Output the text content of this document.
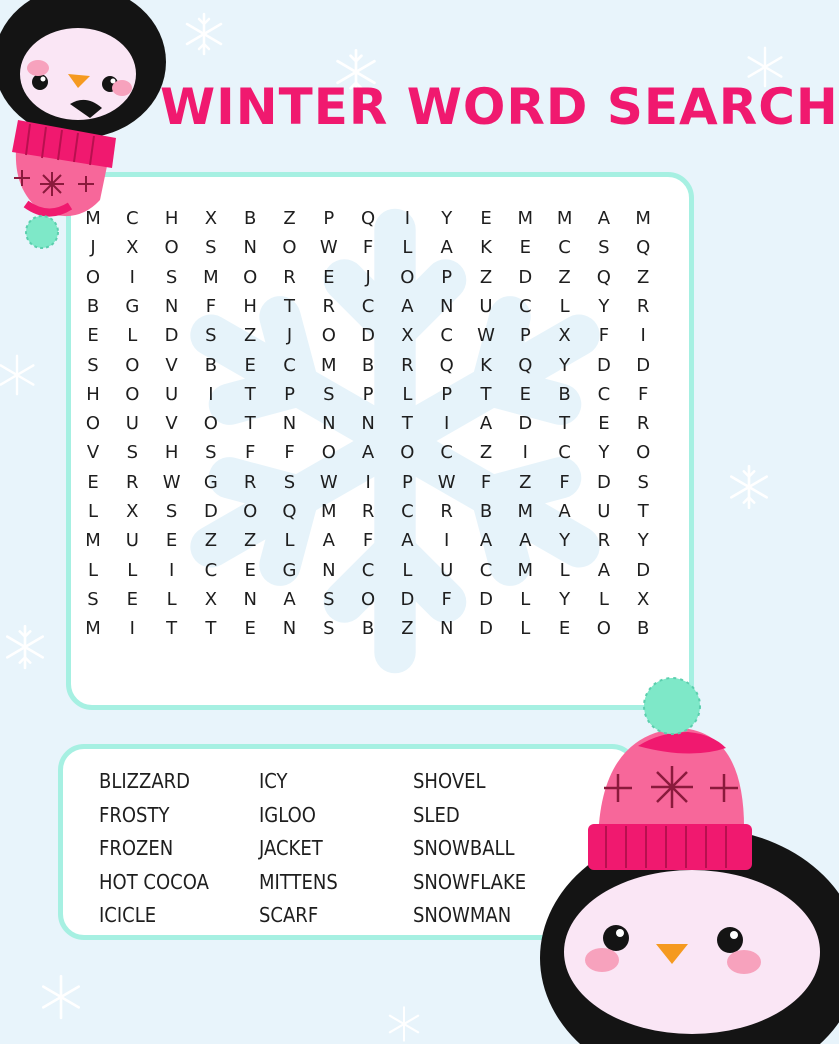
WINTER WORD SEARCH
M	C	H	X	B	Z	P	Q	I	Y	E	M	M	A	M
J	X	O	S	N	O	W	F	L	A	K	E	C	S	Q
O	I	S	M	O	R	E	J	O	P	Z	D	Z	Q	Z
B	G	N	F	H	T	R	C	A	N	U	C	L	Y	R
E	L	D	S	Z	J	O	D	X	C	W	P	X	F	I
S	O	V	B	E	C	M	B	R	Q	K	Q	Y	D	D
H	O	U	I	T	P	S	P	L	P	T	E	B	C	F
O	U	V	O	T	N	N	N	T	I	A	D	T	E	R
V	S	H	S	F	F	O	A	O	C	Z	I	C	Y	O
E	R	W	G	R	S	W	I	P	W	F	Z	F	D	S
L	X	S	D	O	Q	M	R	C	R	B	M	A	U	T
M	U	E	Z	Z	L	A	F	A	I	A	A	Y	R	Y
L	L	I	C	E	G	N	C	L	U	C	M	L	A	D
S	E	L	X	N	A	S	O	D	F	D	L	Y	L	X
M	I	T	T	E	N	S	B	Z	N	D	L	E	O	B
BLIZZARD
FROSTY
FROZEN
HOT COCOA
ICICLE
ICY
IGLOO
JACKET
MITTENS
SCARF
SHOVEL
SLED
SNOWBALL
SNOWFLAKE
SNOWMAN
